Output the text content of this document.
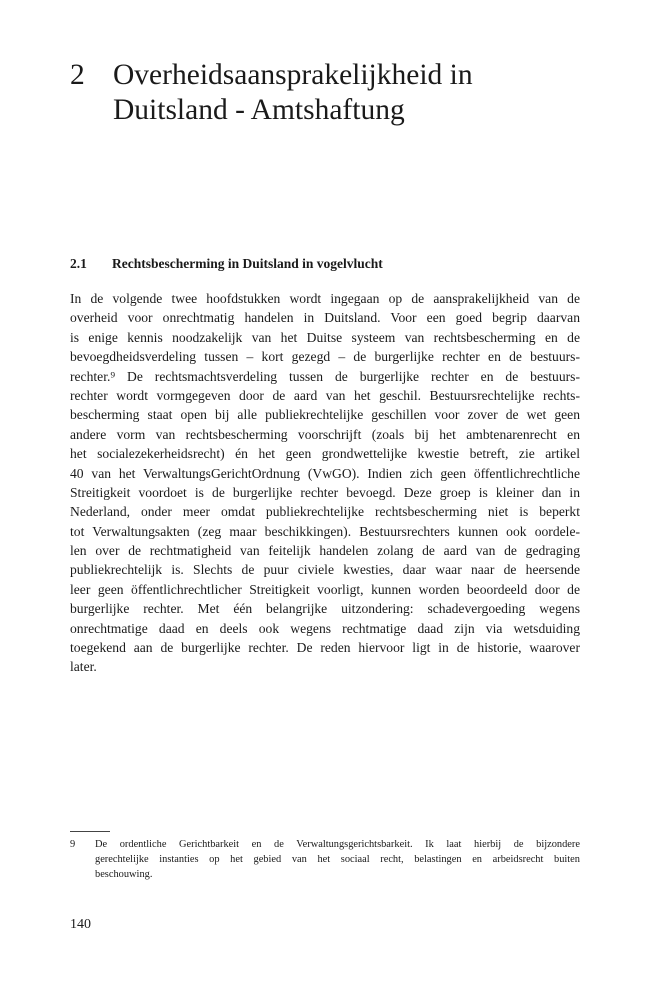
2 Overheidsaansprakelijkheid in
Duitsland - Amtshaftung
2.1 Rechtsbescherming in Duitsland in vogelvlucht
In de volgende twee hoofdstukken wordt ingegaan op de aansprakelijkheid van de
overheid voor onrechtmatig handelen in Duitsland. Voor een goed begrip daarvan
is enige kennis noodzakelijk van het Duitse systeem van rechtsbescherming en de
bevoegdheidsverdeling tussen – kort gezegd – de burgerlijke rechter en de bestuurs-
rechter.⁹ De rechtsmachtsverdeling tussen de burgerlijke rechter en de bestuurs-
rechter wordt vormgegeven door de aard van het geschil. Bestuursrechtelijke rechts-
bescherming staat open bij alle publiekrechtelijke geschillen voor zover de wet geen
andere vorm van rechtsbescherming voorschrijft (zoals bij het ambtenarenrecht en
het socialezekerheidsrecht) én het geen grondwettelijke kwestie betreft, zie artikel
40 van het VerwaltungsGerichtOrdnung (VwGO). Indien zich geen öffentlichrechtliche
Streitigkeit voordoet is de burgerlijke rechter bevoegd. Deze groep is kleiner dan in
Nederland, onder meer omdat publiekrechtelijke rechtsbescherming niet is beperkt
tot Verwaltungsakten (zeg maar beschikkingen). Bestuursrechters kunnen ook oordele-
len over de rechtmatigheid van feitelijk handelen zolang de aard van de gedraging
publiekrechtelijk is. Slechts de puur civiele kwesties, daar waar naar de heersende
leer geen öffentlichrechtlicher Streitigkeit voorligt, kunnen worden beoordeeld door de
burgerlijke rechter. Met één belangrijke uitzondering: schadevergoeding wegens
onrechtmatige daad en deels ook wegens rechtmatige daad zijn via wetsduiding
toegekend aan de burgerlijke rechter. De reden hiervoor ligt in de historie, waarover
later.
9 De ordentliche Gerichtbarkeit en de Verwaltungsgerichtsbarkeit. Ik laat hierbij de bijzondere
gerechtelijke instanties op het gebied van het sociaal recht, belastingen en arbeidsrecht buiten
beschouwing.
140
